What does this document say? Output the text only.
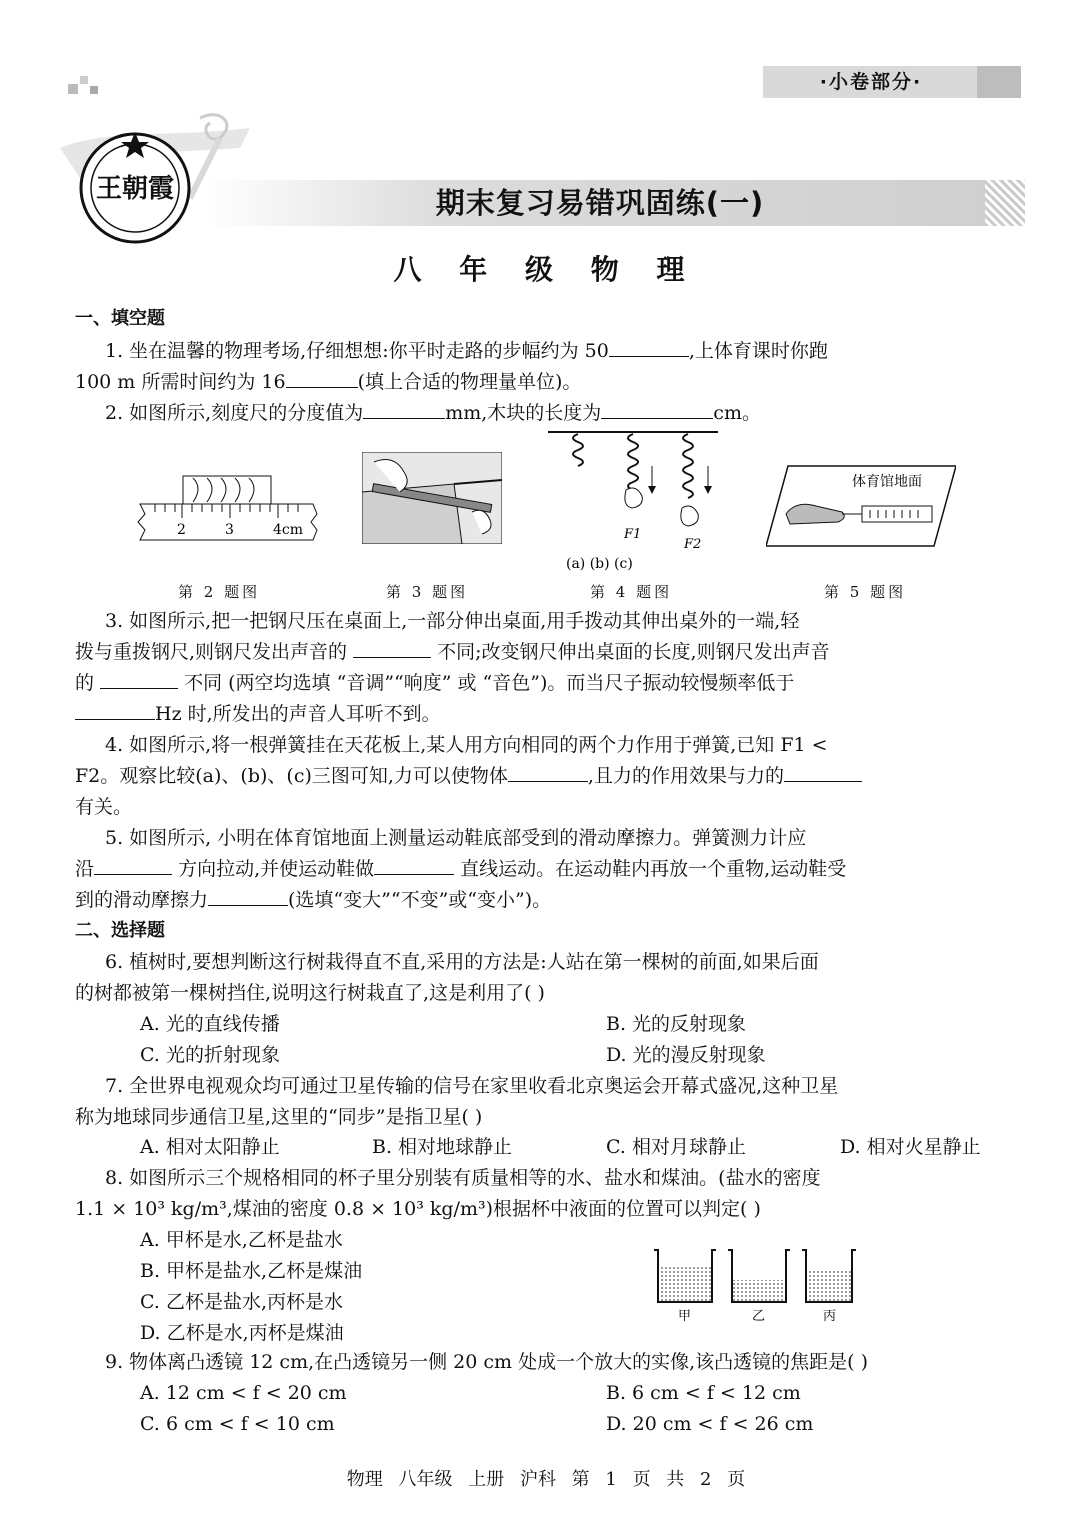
·小卷部分·
王朝霞	期末复习易错巩固练(一)
八 年 级 物 理
一、填空题
1. 坐在温馨的物理考场,仔细想想:你平时走路的步幅约为 50	,上体育课时你跑
100 m 所需时间约为 16	(填上合适的物理量单位)。
2. 如图所示,刻度尺的分度值为	mm,木块的长度为	cm。
2	3	4cm	F1
F2
(a) (b) (c)
体育馆地面
第 2 题图	第 3 题图	第 4 题图	第 5 题图
3. 如图所示,把一把钢尺压在桌面上,一部分伸出桌面,用手拨动其伸出桌外的一端,轻
拨与重拨钢尺,则钢尺发出声音的	不同;改变钢尺伸出桌面的长度,则钢尺发出声音
的	不同 (两空均选填 “音调”“响度” 或 “音色”)。而当尺子振动较慢频率低于
Hz 时,所发出的声音人耳听不到。
4. 如图所示,将一根弹簧挂在天花板上,某人用方向相同的两个力作用于弹簧,已知 F1 <
F2。观察比较(a)、(b)、(c)三图可知,力可以使物体	,且力的作用效果与力的
有关。
5. 如图所示, 小明在体育馆地面上测量运动鞋底部受到的滑动摩擦力。弹簧测力计应
沿	方向拉动,并使运动鞋做	直线运动。在运动鞋内再放一个重物,运动鞋受
到的滑动摩擦力	(选填“变大”“不变”或“变小”)。
二、选择题
6. 植树时,要想判断这行树栽得直不直,采用的方法是:人站在第一棵树的前面,如果后面
的树都被第一棵树挡住,说明这行树栽直了,这是利用了( )
A. 光的直线传播	B. 光的反射现象
C. 光的折射现象	D. 光的漫反射现象
7. 全世界电视观众均可通过卫星传输的信号在家里收看北京奥运会开幕式盛况,这种卫星
称为地球同步通信卫星,这里的“同步”是指卫星( )
A. 相对太阳静止	B. 相对地球静止	C. 相对月球静止	D. 相对火星静止
8. 如图所示三个规格相同的杯子里分别装有质量相等的水、盐水和煤油。(盐水的密度
1.1 × 10³ kg/m³,煤油的密度 0.8 × 10³ kg/m³)根据杯中液面的位置可以判定( )
A. 甲杯是水,乙杯是盐水
B. 甲杯是盐水,乙杯是煤油
C. 乙杯是盐水,丙杯是水
D. 乙杯是水,丙杯是煤油
甲	乙	丙
9. 物体离凸透镜 12 cm,在凸透镜另一侧 20 cm 处成一个放大的实像,该凸透镜的焦距是( )
A. 12 cm < f < 20 cm	B. 6 cm < f < 12 cm
C. 6 cm < f < 10 cm	D. 20 cm < f < 26 cm
物理 八年级 上册 沪科 第 1 页 共 2 页
